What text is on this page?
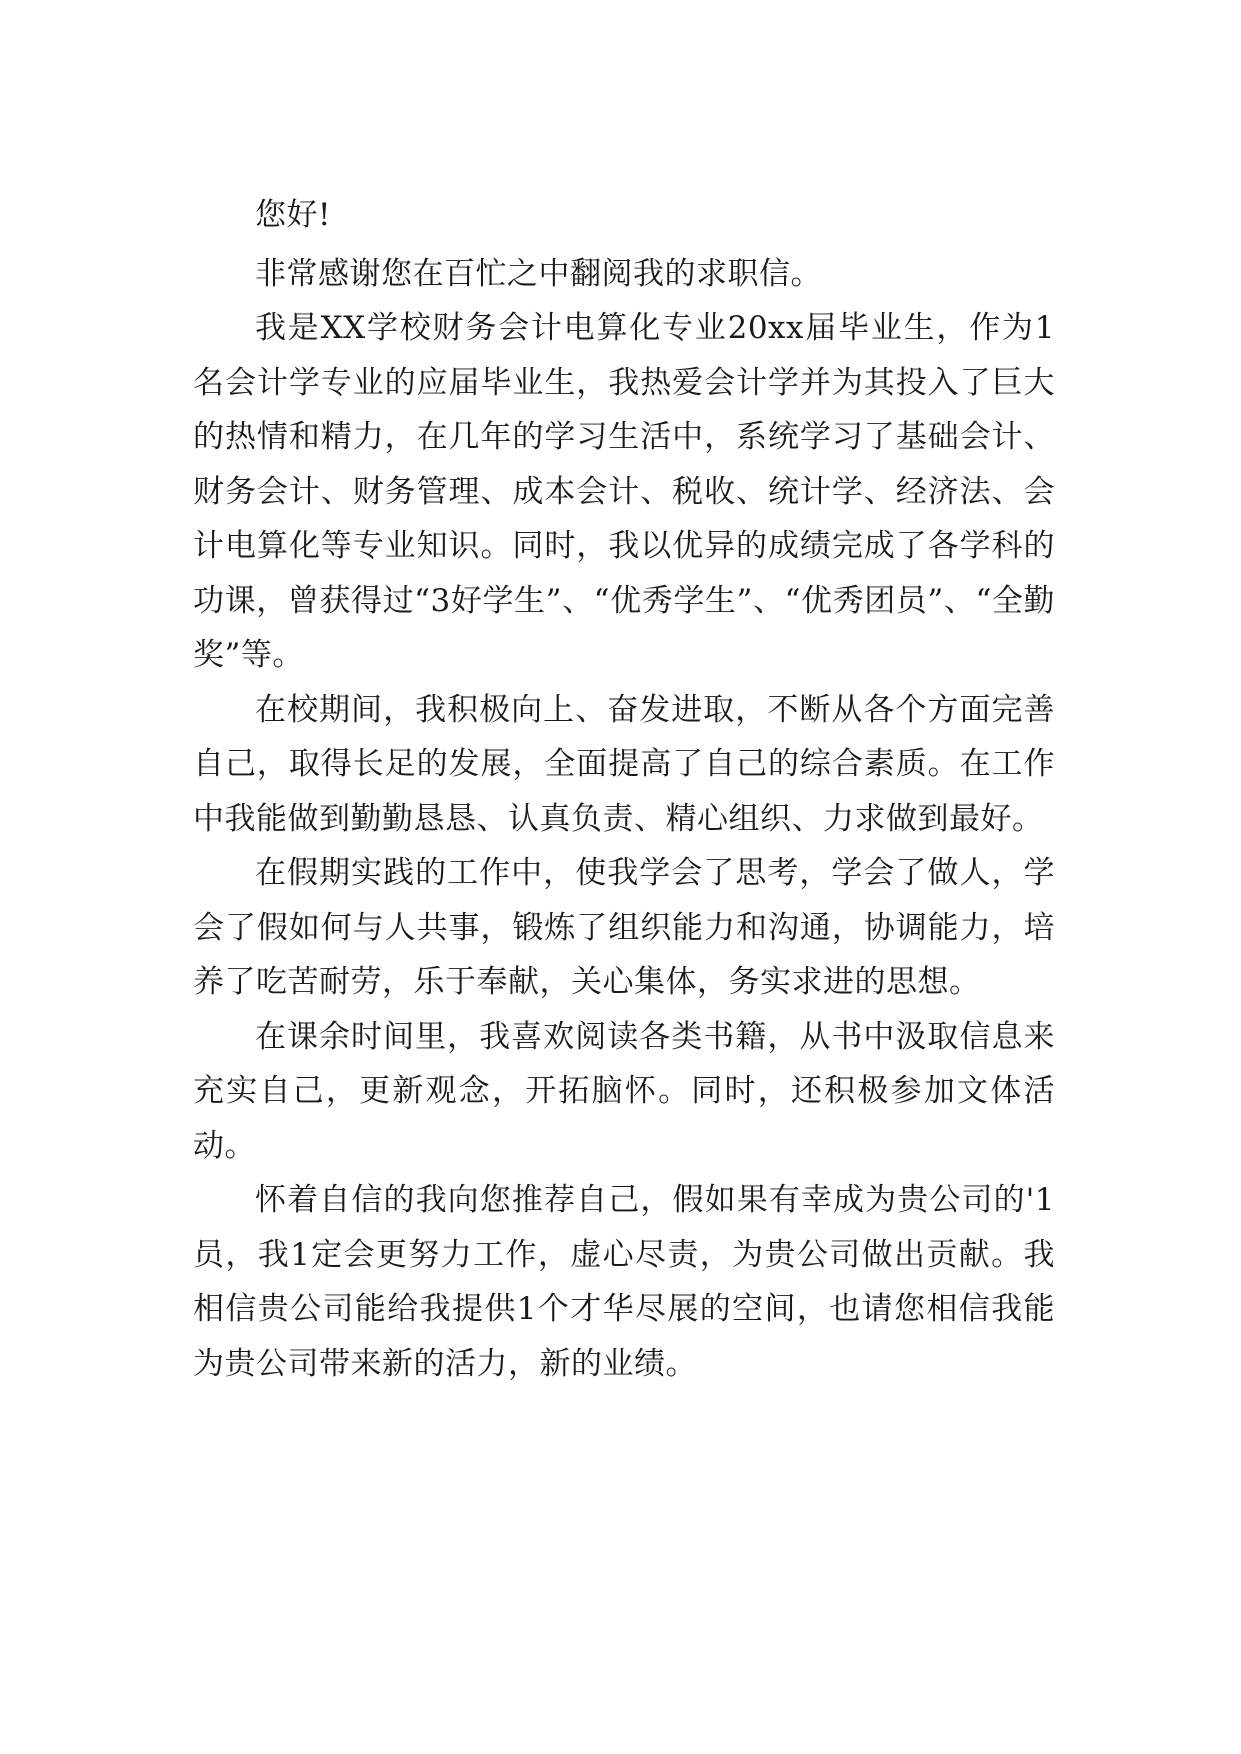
您好!

非常感谢您在百忙之中翻阅我的求职信。

我是XX学校财务会计电算化专业20xx届毕业生，作为1名会计学专业的应届毕业生，我热爱会计学并为其投入了巨大的热情和精力，在几年的学习生活中，系统学习了基础会计、财务会计、财务管理、成本会计、税收、统计学、经济法、会计电算化等专业知识。同时，我以优异的成绩完成了各学科的功课，曾获得过“3好学生”、“优秀学生”、“优秀团员”、“全勤奖”等。

在校期间，我积极向上、奋发进取，不断从各个方面完善自己，取得长足的发展，全面提高了自己的综合素质。在工作中我能做到勤勤恳恳、认真负责、精心组织、力求做到最好。

在假期实践的工作中，使我学会了思考，学会了做人，学会了假如何与人共事，锻炼了组织能力和沟通，协调能力，培养了吃苦耐劳，乐于奉献，关心集体，务实求进的思想。

在课余时间里，我喜欢阅读各类书籍，从书中汲取信息来充实自己，更新观念，开拓脑怀。同时，还积极参加文体活动。

怀着自信的我向您推荐自己，假如果有幸成为贵公司的'1员，我1定会更努力工作，虚心尽责，为贵公司做出贡献。我相信贵公司能给我提供1个才华尽展的空间，也请您相信我能为贵公司带来新的活力，新的业绩。
